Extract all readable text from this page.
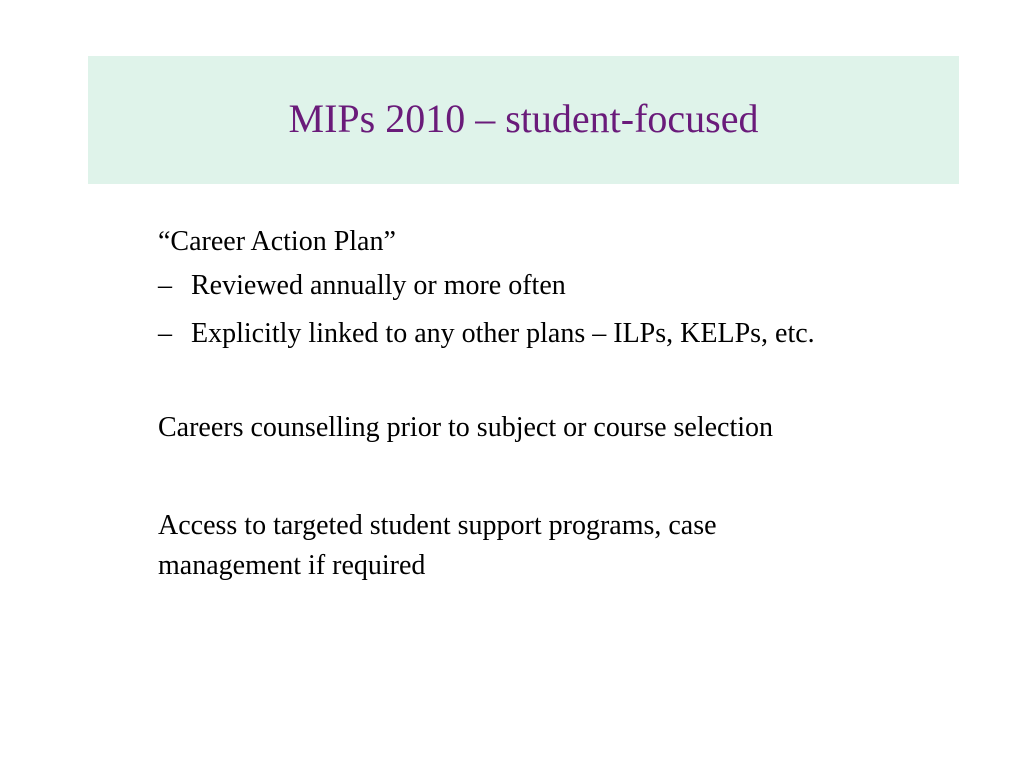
MIPs 2010 – student-focused

“Career Action Plan”

– Reviewed annually or more often
– Explicitly linked to any other plans – ILPs, KELPs, etc.

Careers counselling prior to subject or course selection

Access to targeted student support programs, case

management if required
